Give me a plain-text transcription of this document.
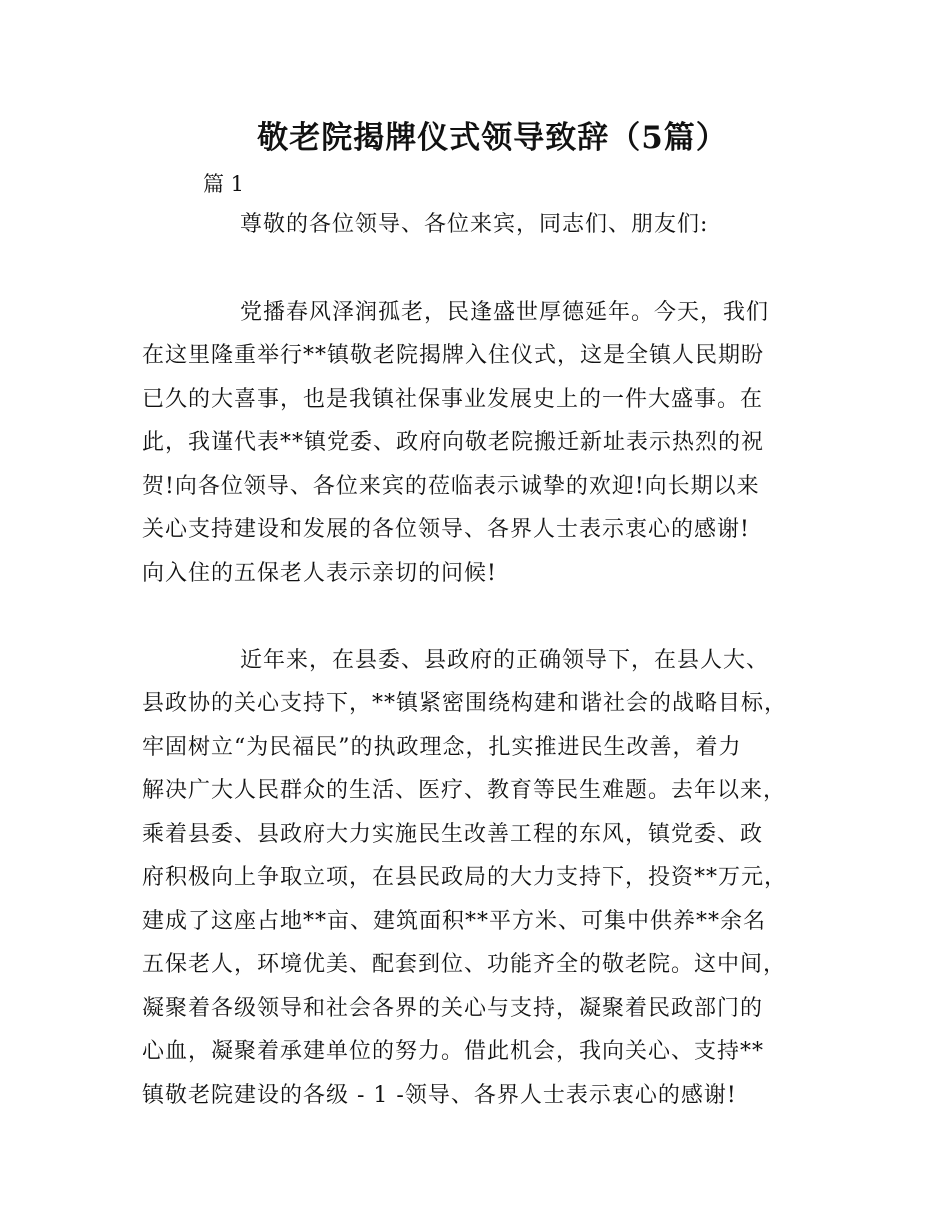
敬老院揭牌仪式领导致辞（5篇）
篇 1
尊敬的各位领导、各位来宾，同志们、朋友们:
党播春风泽润孤老，民逢盛世厚德延年。今天，我们
在这里隆重举行**镇敬老院揭牌入住仪式，这是全镇人民期盼
已久的大喜事，也是我镇社保事业发展史上的一件大盛事。在
此，我谨代表**镇党委、政府向敬老院搬迁新址表示热烈的祝
贺!向各位领导、各位来宾的莅临表示诚挚的欢迎!向长期以来
关心支持建设和发展的各位领导、各界人士表示衷心的感谢!
向入住的五保老人表示亲切的问候!
近年来，在县委、县政府的正确领导下，在县人大、
县政协的关心支持下，**镇紧密围绕构建和谐社会的战略目标，
牢固树立“为民福民”的执政理念，扎实推进民生改善，着力
解决广大人民群众的生活、医疗、教育等民生难题。去年以来，
乘着县委、县政府大力实施民生改善工程的东风，镇党委、政
府积极向上争取立项，在县民政局的大力支持下，投资**万元，
建成了这座占地**亩、建筑面积**平方米、可集中供养**余名
五保老人，环境优美、配套到位、功能齐全的敬老院。这中间，
凝聚着各级领导和社会各界的关心与支持，凝聚着民政部门的
心血，凝聚着承建单位的努力。借此机会，我向关心、支持**
镇敬老院建设的各级 - 1 -领导、各界人士表示衷心的感谢!
